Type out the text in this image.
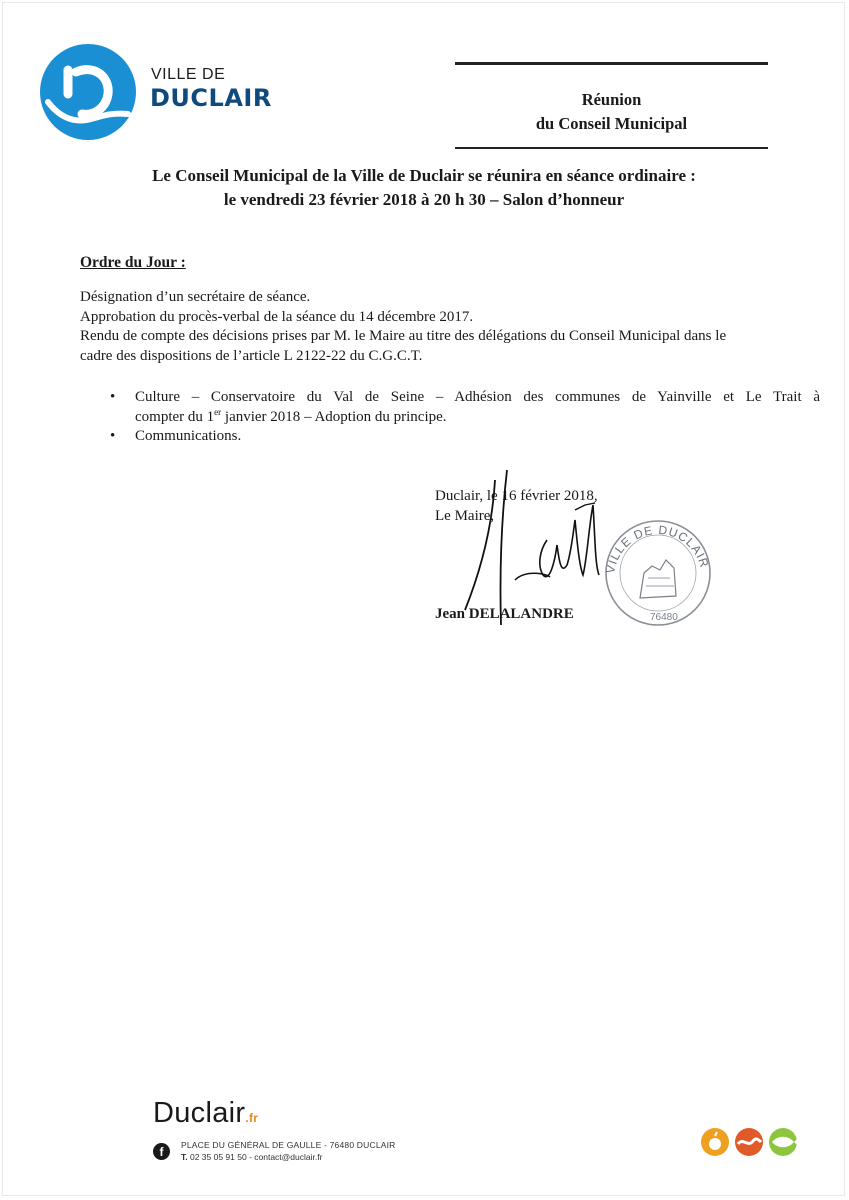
VILLE DE
DUCLAIR	Réunion
du Conseil Municipal
Le Conseil Municipal de la Ville de Duclair se réunira en séance ordinaire :
le vendredi 23 février 2018 à 20 h 30 – Salon d’honneur
Ordre du Jour :
Désignation d’un secrétaire de séance.
Approbation du procès-verbal de la séance du 14 décembre 2017.
Rendu de compte des décisions prises par M. le Maire au titre des délégations du Conseil Municipal dans le
cadre des dispositions de l’article L 2122-22 du C.G.C.T.
• Culture – Conservatoire du Val de Seine – Adhésion des communes de Yainville et Le Trait à
compter du 1er janvier 2018 – Adoption du principe.
• Communications.
Duclair, le 16 février 2018,
Le Maire,
Jean DELALANDRE
VILLE DE DUCLAIR
76480
Duclair.fr
f	PLACE DU GÉNÉRAL DE GAULLE - 76480 DUCLAIR
T. 02 35 05 91 50 - contact@duclair.fr
